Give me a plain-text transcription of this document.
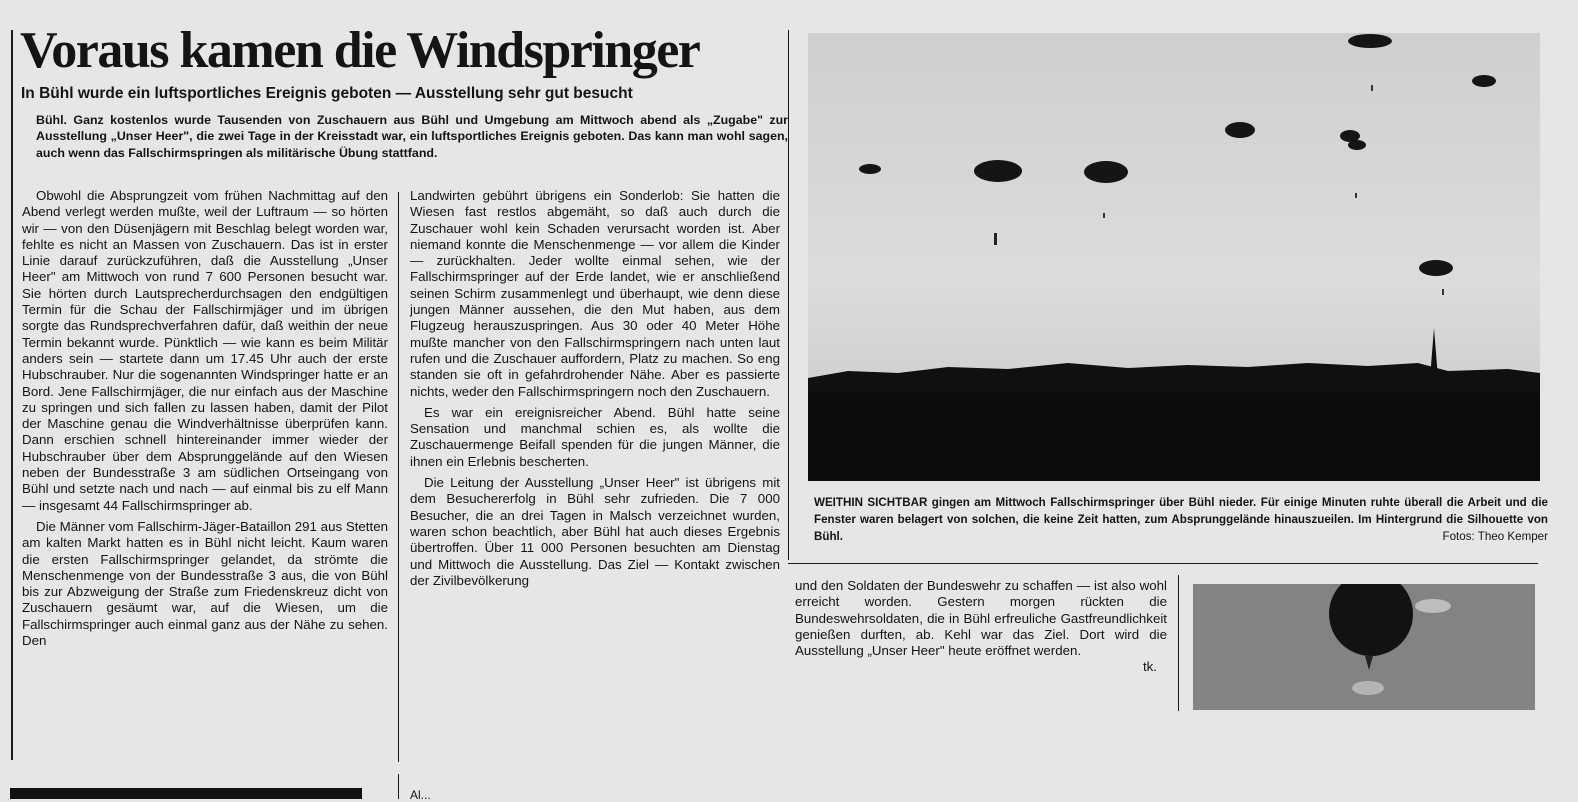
Voraus kamen die Windspringer
In Bühl wurde ein luftsportliches Ereignis geboten — Ausstellung sehr gut besucht

Bühl. Ganz kostenlos wurde Tausenden von Zuschauern aus Bühl und Umgebung am Mittwoch abend als „Zugabe" zur Ausstellung „Unser Heer", die zwei Tage in der Kreisstadt war, ein luftsportliches Ereignis geboten. Das kann man wohl sagen, auch wenn das Fallschirmspringen als militärische Übung stattfand.

Obwohl die Absprungzeit vom frühen Nachmittag auf den Abend verlegt werden mußte, weil der Luftraum — so hörten wir — von den Düsenjägern mit Beschlag belegt worden war, fehlte es nicht an Massen von Zuschauern. Das ist in erster Linie darauf zurückzuführen, daß die Ausstellung „Unser Heer" am Mittwoch von rund 7 600 Personen besucht war. Sie hörten durch Lautsprecherdurchsagen den endgültigen Termin für die Schau der Fallschirmjäger und im übrigen sorgte das Rundsprechverfahren dafür, daß weithin der neue Termin bekannt wurde. Pünktlich — wie kann es beim Militär anders sein — startete dann um 17.45 Uhr auch der erste Hubschrauber. Nur die sogenannten Windspringer hatte er an Bord. Jene Fallschirmjäger, die nur einfach aus der Maschine zu springen und sich fallen zu lassen haben, damit der Pilot der Maschine genau die Windverhältnisse überprüfen kann. Dann erschien schnell hintereinander immer wieder der Hubschrauber über dem Absprunggelände auf den Wiesen neben der Bundesstraße 3 am südlichen Ortseingang von Bühl und setzte nach und nach — auf einmal bis zu elf Mann — insgesamt 44 Fallschirmspringer ab.

Die Männer vom Fallschirm-Jäger-Bataillon 291 aus Stetten am kalten Markt hatten es in Bühl nicht leicht. Kaum waren die ersten Fallschirmspringer gelandet, da strömte die Menschenmenge von der Bundesstraße 3 aus, die von Bühl bis zur Abzweigung der Straße zum Friedenskreuz dicht von Zuschauern gesäumt war, auf die Wiesen, um die Fallschirmspringer auch einmal ganz aus der Nähe zu sehen. Den

Landwirten gebührt übrigens ein Sonderlob: Sie hatten die Wiesen fast restlos abgemäht, so daß auch durch die Zuschauer wohl kein Schaden verursacht worden ist. Aber niemand konnte die Menschenmenge — vor allem die Kinder — zurückhalten. Jeder wollte einmal sehen, wie der Fallschirmspringer auf der Erde landet, wie er anschließend seinen Schirm zusammenlegt und überhaupt, wie denn diese jungen Männer aussehen, die den Mut haben, aus dem Flugzeug herauszuspringen. Aus 30 oder 40 Meter Höhe mußte mancher von den Fallschirmspringern nach unten laut rufen und die Zuschauer auffordern, Platz zu machen. So eng standen sie oft in gefahrdrohender Nähe. Aber es passierte nichts, weder den Fallschirmspringern noch den Zuschauern.

Es war ein ereignisreicher Abend. Bühl hatte seine Sensation und manchmal schien es, als wollte die Zuschauermenge Beifall spenden für die jungen Männer, die ihnen ein Erlebnis bescherten.

Die Leitung der Ausstellung „Unser Heer" ist übrigens mit dem Besuchererfolg in Bühl sehr zufrieden. Die 7 000 Besucher, die an drei Tagen in Malsch verzeichnet wurden, waren schon beachtlich, aber Bühl hat auch dieses Ergebnis übertroffen. Über 11 000 Personen besuchten am Dienstag und Mittwoch die Ausstellung. Das Ziel — Kontakt zwischen der Zivilbevölkerung	und den Soldaten der Bundeswehr zu schaffen — ist also wohl erreicht worden. Gestern morgen rückten die Bundeswehrsoldaten, die in Bühl erfreuliche Gastfreundlichkeit genießen durften, ab. Kehl war das Ziel. Dort wird die Ausstellung „Unser Heer" heute eröffnet werden.

tk.

WEITHIN SICHTBAR gingen am Mittwoch Fallschirmspringer über Bühl nieder. Für einige Minuten ruhte überall die Arbeit und die Fenster waren belagert von solchen, die keine Zeit hatten, zum Absprunggelände hinauszueilen. Im Hintergrund die Silhouette von Bühl.	Fotos: Theo Kemper

Al...
